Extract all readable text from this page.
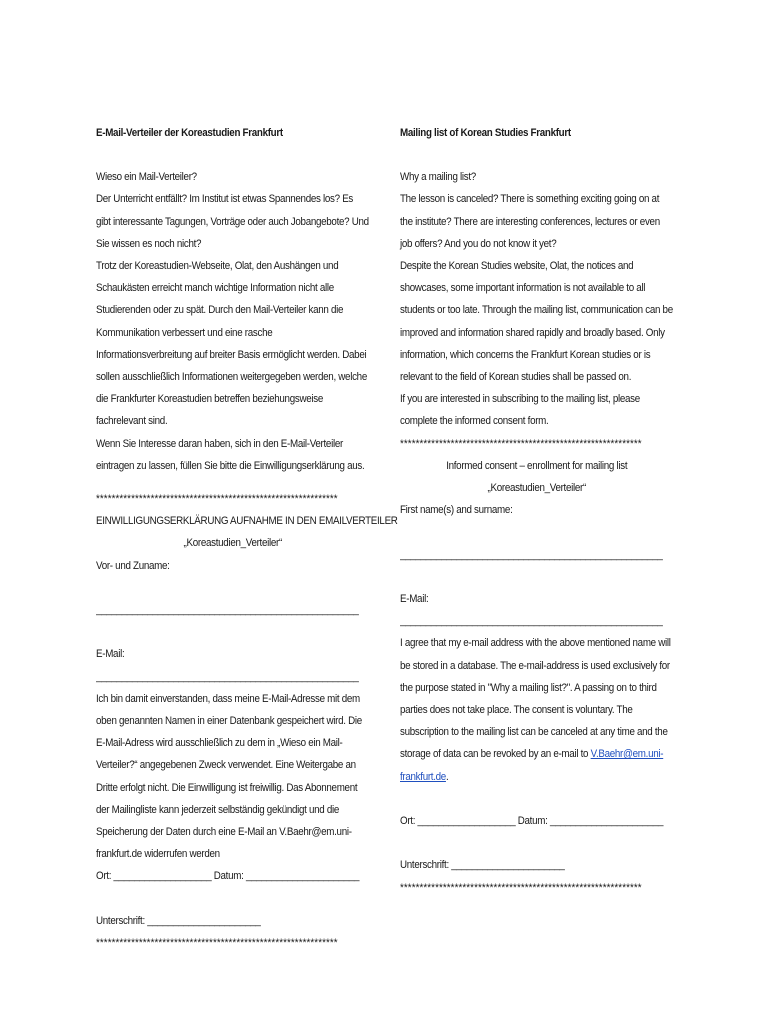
E-Mail-Verteiler der Koreastudien Frankfurt

Wieso ein Mail-Verteiler?

Der Unterricht entfällt? Im Institut ist etwas Spannendes los? Es gibt interessante Tagungen, Vorträge oder auch Jobangebote? Und Sie wissen es noch nicht?

Trotz der Koreastudien-Webseite, Olat, den Aushängen und Schaukästen erreicht manch wichtige Information nicht alle Studierenden oder zu spät. Durch den Mail-Verteiler kann die Kommunikation verbessert und eine rasche Informationsverbreitung auf breiter Basis ermöglicht werden. Dabei sollen ausschließlich Informationen weitergegeben werden, welche die Frankfurter Koreastudien betreffen beziehungsweise fachrelevant sind.

Wenn Sie Interesse daran haben, sich in den E-Mail-Verteiler eintragen zu lassen, füllen Sie bitte die Einwilligungserklärung aus.

**************************************************************

EINWILLIGUNGSERKLÄRUNG AUFNAHME IN DEN EMAILVERTEILER

„Koreastudien_Verteiler“

Vor- und Zuname:

___________________________________________________

E-Mail:

___________________________________________________

Ich bin damit einverstanden, dass meine E-Mail-Adresse mit dem oben genannten Namen in einer Datenbank gespeichert wird. Die E-Mail-Adress wird ausschließlich zu dem in „Wieso ein Mail-Verteiler?“ angegebenen Zweck verwendet. Eine Weitergabe an Dritte erfolgt nicht. Die Einwilligung ist freiwillig. Das Abonnement der Mailingliste kann jederzeit selbständig gekündigt und die Speicherung der Daten durch eine E-Mail an V.Baehr@em.uni-frankfurt.de widerrufen werden

Ort: ___________________ Datum: ______________________

Unterschrift: ______________________

**************************************************************

Mailing list of Korean Studies Frankfurt

Why a mailing list?

The lesson is canceled? There is something exciting going on at the institute? There are interesting conferences, lectures or even job offers? And you do not know it yet?

Despite the Korean Studies website, Olat, the notices and showcases, some important information is not available to all students or too late. Through the mailing list, communication can be improved and information shared rapidly and broadly based. Only information, which concerns the Frankfurt Korean studies or is relevant to the field of Korean studies shall be passed on.

If you are interested in subscribing to the mailing list, please complete the informed consent form.

**************************************************************

Informed consent – enrollment for mailing list

„Koreastudien_Verteiler“

First name(s) and surname:

___________________________________________________

E-Mail:

___________________________________________________

I agree that my e-mail address with the above mentioned name will be stored in a database. The e-mail-address is used exclusively for the purpose stated in "Why a mailing list?". A passing on to third parties does not take place. The consent is voluntary. The subscription to the mailing list can be canceled at any time and the storage of data can be revoked by an e-mail to V.Baehr@em.uni-frankfurt.de.

Ort: ___________________ Datum: ______________________

Unterschrift: ______________________

**************************************************************
